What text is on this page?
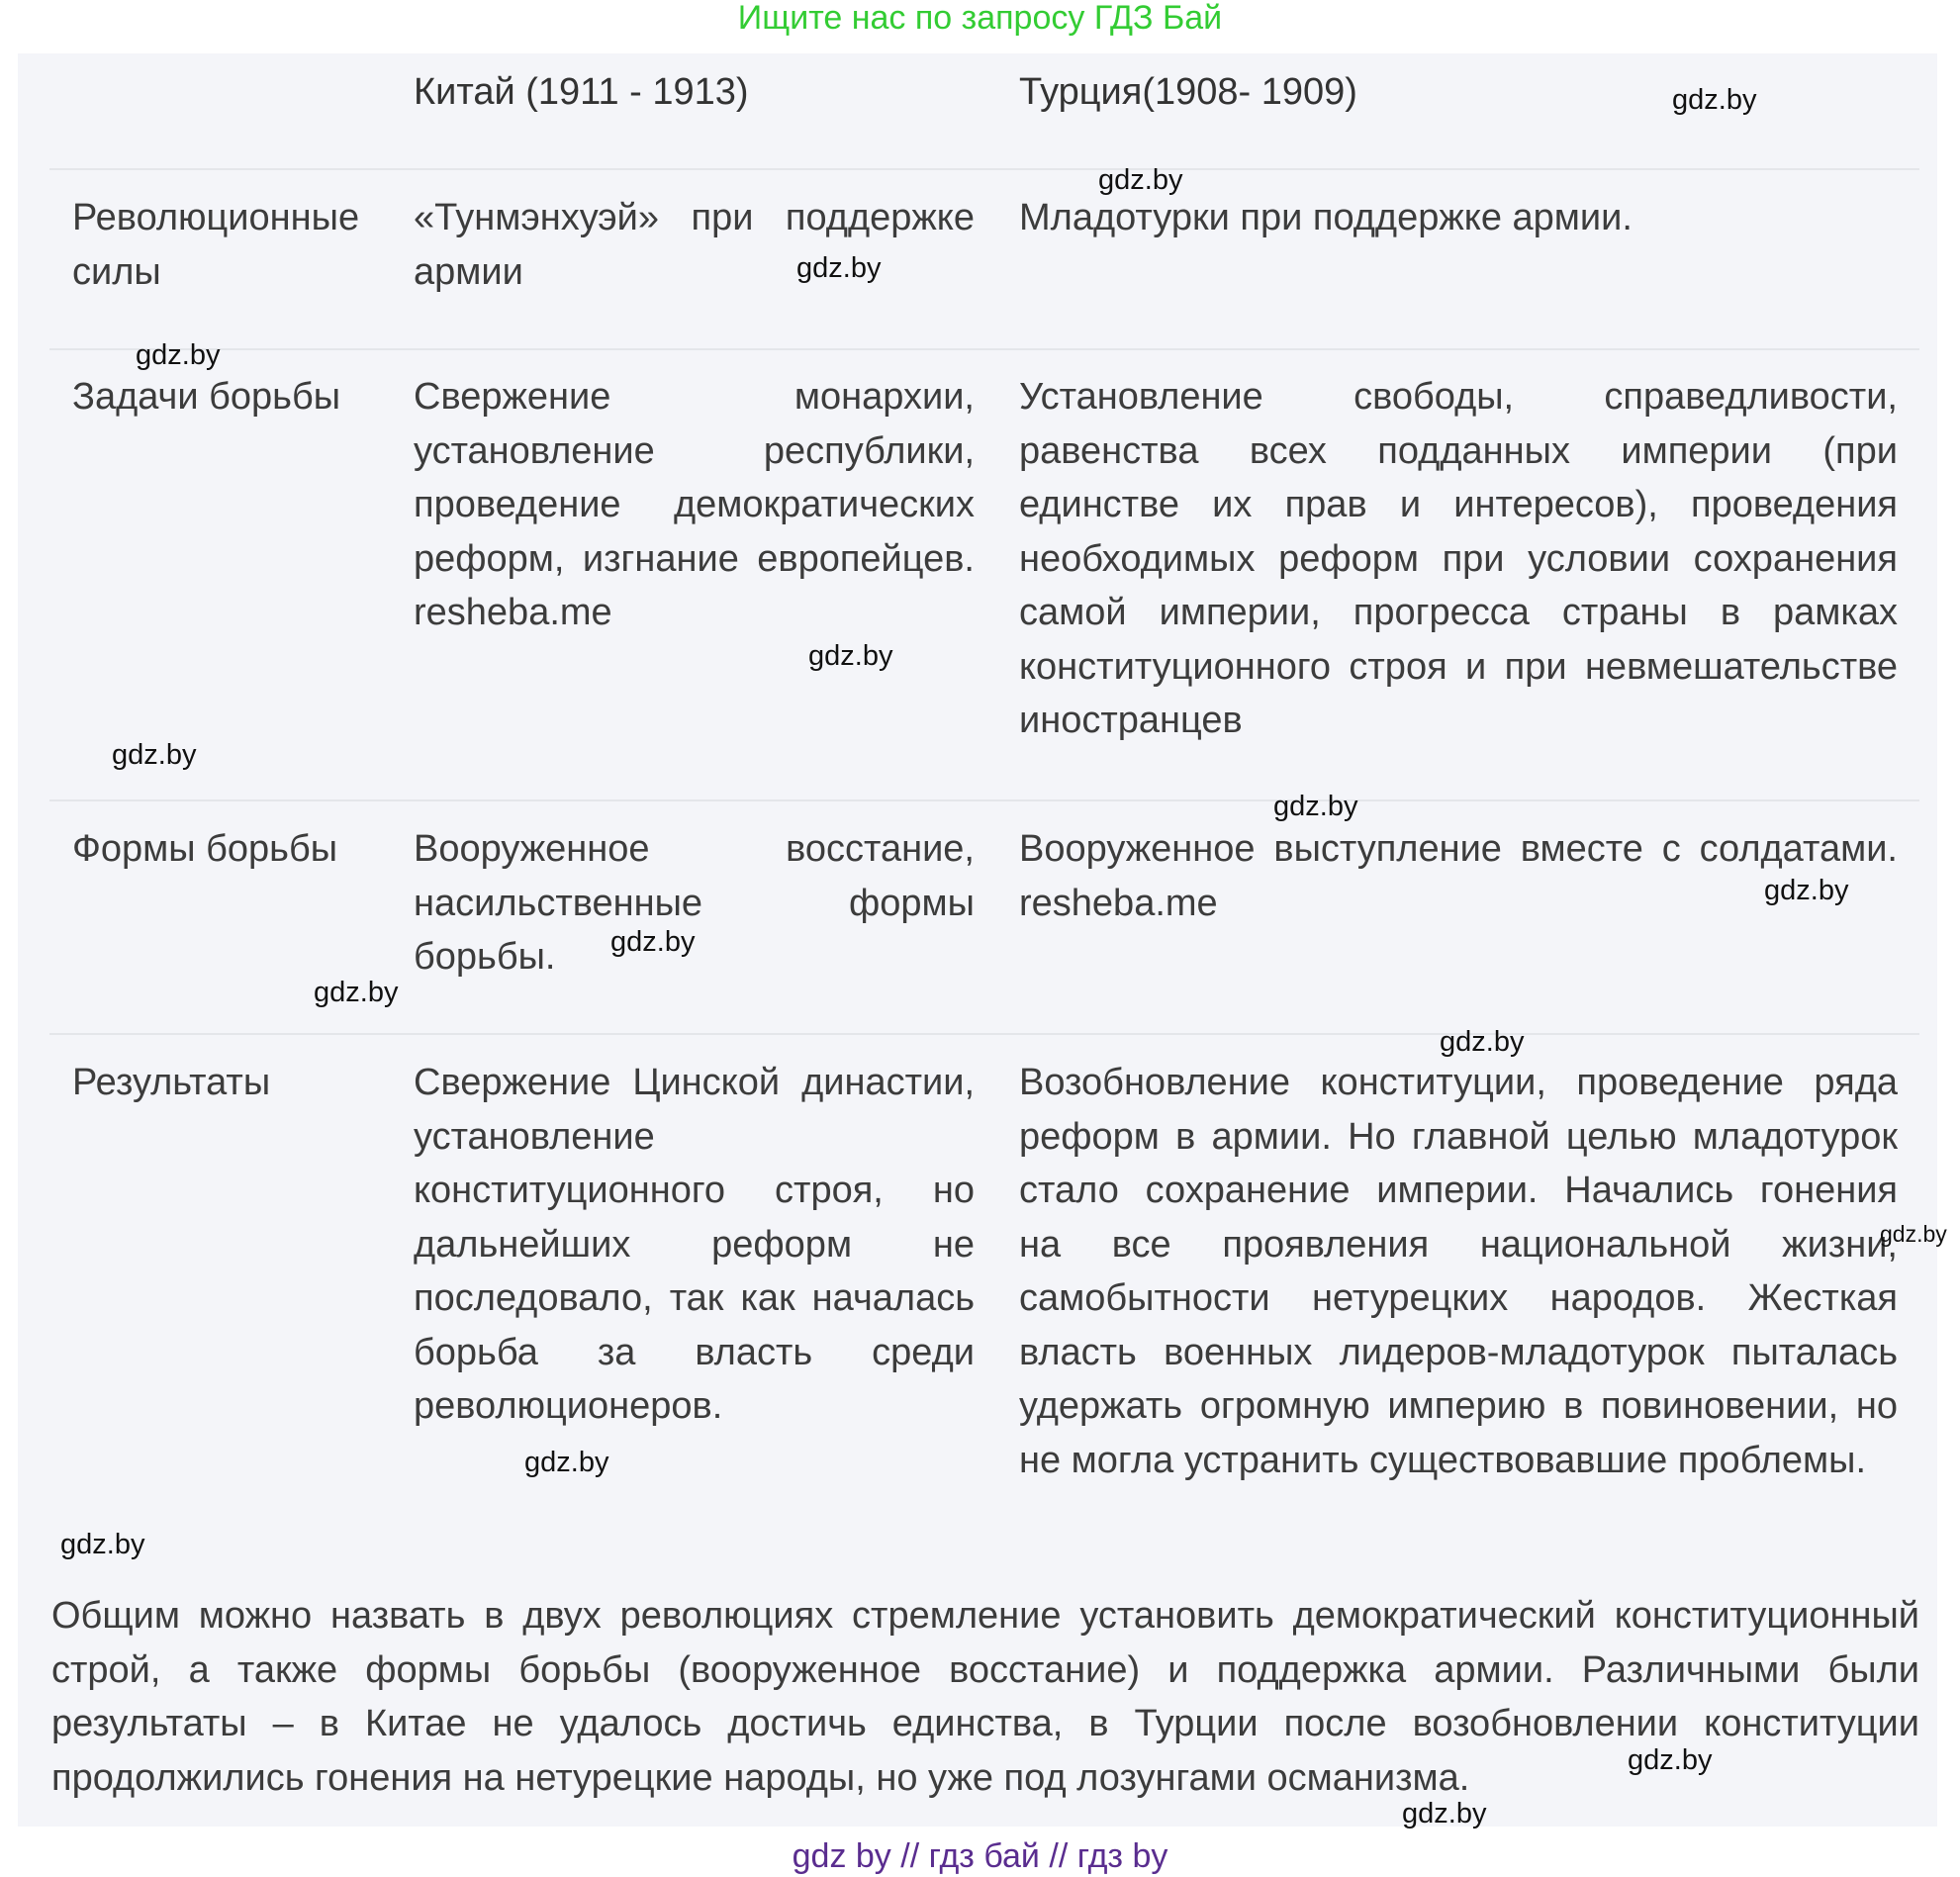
Ищите нас по запросу ГДЗ Бай
Китай (1911 - 1913)	Турция(1908- 1909)
Революционные
силы
«Тунмэнхуэй» при поддержке
армии
Младотурки при поддержке армии.
Задачи борьбы Свержение монархии,
установление республики,
проведение демократических
реформ, изгнание европейцев.
resheba.me
Установление свободы, справедливости,
равенства всех подданных империи (при
единстве их прав и интересов), проведения
необходимых реформ при условии сохранения
самой империи, прогресса страны в рамках
конституционного строя и при невмешательстве
иностранцев
Формы борьбы Вооруженное восстание,
насильственные формы
борьбы.
Вооруженное выступление вместе с солдатами.
resheba.me
Результаты	Свержение Цинской династии,
установление
конституционного строя, но
дальнейших реформ не
последовало, так как началась
борьба за власть среди
революционеров.
Возобновление конституции, проведение ряда
реформ в армии. Но главной целью младотурок
стало сохранение империи. Начались гонения
на все проявления национальной жизни,
самобытности нетурецких народов. Жесткая
власть военных лидеров-младотурок пыталась
удержать огромную империю в повиновении, но
не могла устранить существовавшие проблемы.
Общим можно назвать в двух революциях стремление установить демократический конституционный
строй, а также формы борьбы (вооруженное восстание) и поддержка армии. Различными были
результаты – в Китае не удалось достичь единства, в Турции после возобновлении конституции
продолжились гонения на нетурецкие народы, но уже под лозунгами османизма.
gdz.by
gdz.by
gdz.by
gdz.by
gdz.by
gdz.by
gdz.by
gdz.by
gdz.by
gdz.by
gdz.by
gdz.by
gdz.by
gdz.by
gdz.by
gdz.by
gdz by // гдз бай // гдз by
